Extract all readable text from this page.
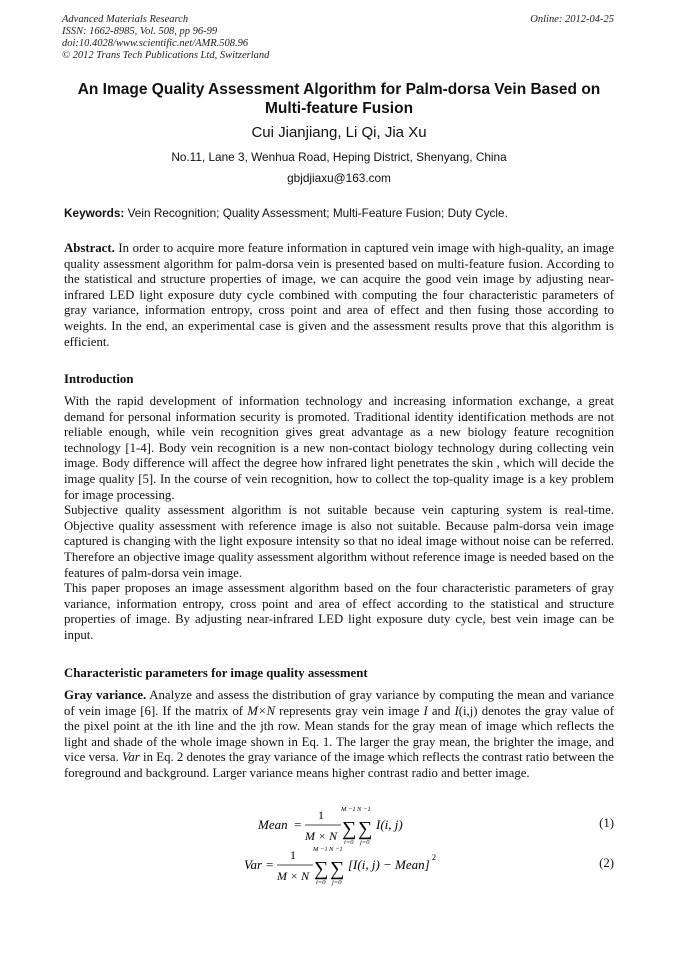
Advanced Materials Research
ISSN: 1662-8985, Vol. 508, pp 96-99
doi:10.4028/www.scientific.net/AMR.508.96
© 2012 Trans Tech Publications Ltd, Switzerland
Online: 2012-04-25
An Image Quality Assessment Algorithm for Palm-dorsa Vein Based on
Multi-feature Fusion
Cui Jianjiang, Li Qi, Jia Xu
No.11, Lane 3, Wenhua Road, Heping District, Shenyang, China
gbjdjiaxu@163.com
Keywords: Vein Recognition; Quality Assessment; Multi-Feature Fusion; Duty Cycle.

Abstract. In order to acquire more feature information in captured vein image with high-quality, an image quality assessment algorithm for palm-dorsa vein is presented based on multi-feature fusion. According to the statistical and structure properties of image, we can acquire the good vein image by adjusting near-infrared LED light exposure duty cycle combined with computing the four characteristic parameters of gray variance, information entropy, cross point and area of effect and then fusing those according to weights. In the end, an experimental case is given and the assessment results prove that this algorithm is efficient.

Introduction

With the rapid development of information technology and increasing information exchange, a great demand for personal information security is promoted. Traditional identity identification methods are not reliable enough, while vein recognition gives great advantage as a new biology feature recognition technology [1-4]. Body vein recognition is a new non-contact biology technology during collecting vein image. Body difference will affect the degree how infrared light penetrates the skin , which will decide the image quality [5]. In the course of vein recognition, how to collect the top-quality image is a key problem for image processing.

Subjective quality assessment algorithm is not suitable because vein capturing system is real-time. Objective quality assessment with reference image is also not suitable. Because palm-dorsa vein image captured is changing with the light exposure intensity so that no ideal image without noise can be referred. Therefore an objective image quality assessment algorithm without reference image is needed based on the features of palm-dorsa vein image.

This paper proposes an image assessment algorithm based on the four characteristic parameters of gray variance, information entropy, cross point and area of effect according to the statistical and structure properties of image. By adjusting near-infrared LED light exposure duty cycle, best vein image can be input.

Characteristic parameters for image quality assessment

Gray variance. Analyze and assess the distribution of gray variance by computing the mean and variance of vein image [6]. If the matrix of M×N represents gray vein image I and I(i,j) denotes the gray value of the pixel point at the ith line and the jth row. Mean stands for the gray mean of image which reflects the light and shade of the whole image shown in Eq. 1. The larger the gray mean, the brighter the image, and vice versa. Var in Eq. 2 denotes the gray variance of the image which reflects the contrast ratio between the foreground and background. Larger variance means higher contrast radio and better image.

Mean =
1
M × N
M −1
∑
i=0
N −1
∑
j=0
I(i, j)	(1)
Var =
1
M × N
M −1
∑
i=0
N −1
∑
j=0
[I(i, j) − Mean] 2	(2)
